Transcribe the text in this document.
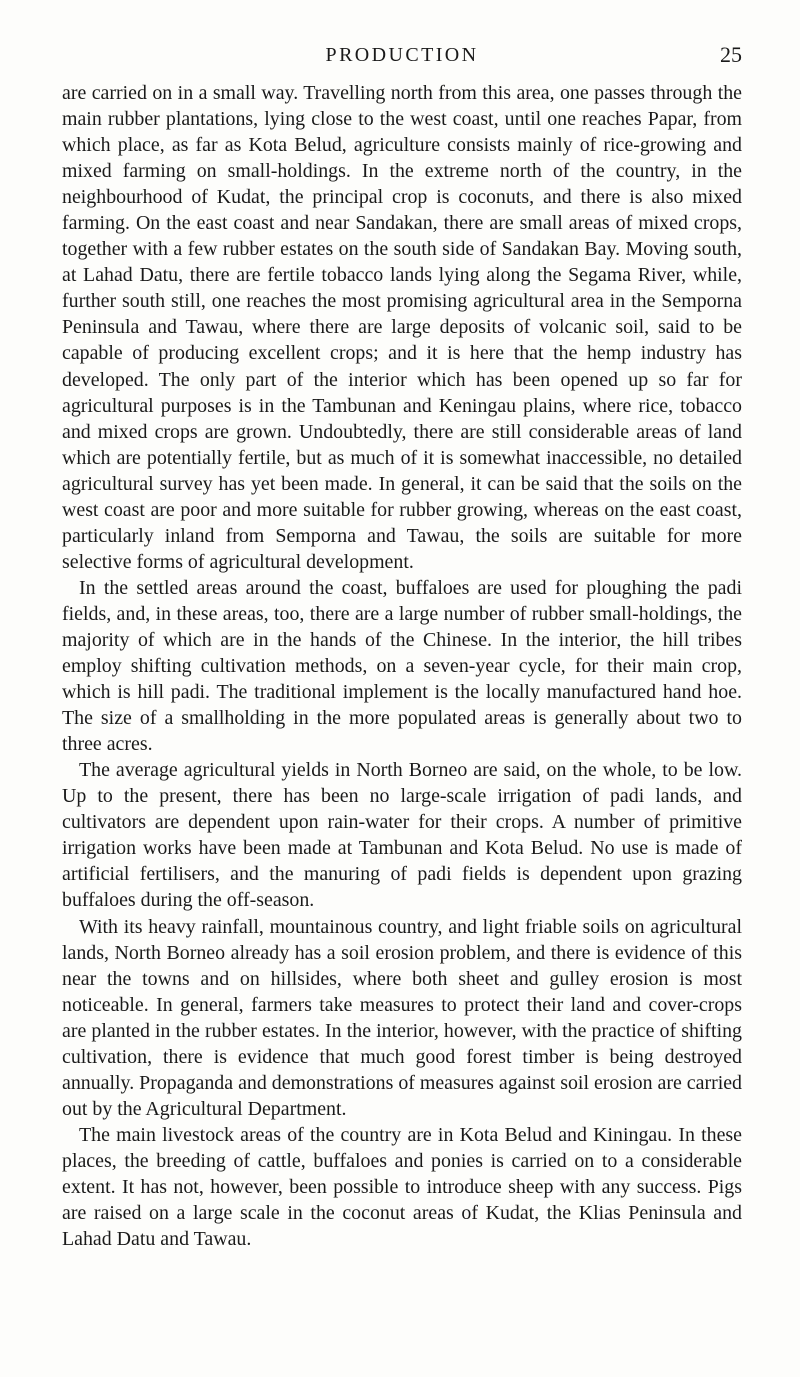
PRODUCTION	25

are carried on in a small way. Travelling north from this area, one passes through the main rubber plantations, lying close to the west coast, until one reaches Papar, from which place, as far as Kota Belud, agriculture consists mainly of rice-growing and mixed farming on small-holdings. In the extreme north of the country, in the neighbourhood of Kudat, the principal crop is coconuts, and there is also mixed farming. On the east coast and near Sandakan, there are small areas of mixed crops, together with a few rubber estates on the south side of Sandakan Bay. Moving south, at Lahad Datu, there are fertile tobacco lands lying along the Segama River, while, further south still, one reaches the most promising agricultural area in the Semporna Peninsula and Tawau, where there are large deposits of volcanic soil, said to be capable of producing excellent crops; and it is here that the hemp industry has developed. The only part of the interior which has been opened up so far for agricultural purposes is in the Tambunan and Keningau plains, where rice, tobacco and mixed crops are grown. Undoubtedly, there are still considerable areas of land which are potentially fertile, but as much of it is somewhat inaccessible, no detailed agricultural survey has yet been made. In general, it can be said that the soils on the west coast are poor and more suitable for rubber growing, whereas on the east coast, particularly inland from Semporna and Tawau, the soils are suitable for more selective forms of agricultural development.

In the settled areas around the coast, buffaloes are used for ploughing the padi fields, and, in these areas, too, there are a large number of rubber small-holdings, the majority of which are in the hands of the Chinese. In the interior, the hill tribes employ shifting cultivation methods, on a seven-year cycle, for their main crop, which is hill padi. The traditional implement is the locally manufactured hand hoe. The size of a smallholding in the more populated areas is generally about two to three acres.

The average agricultural yields in North Borneo are said, on the whole, to be low. Up to the present, there has been no large-scale irrigation of padi lands, and cultivators are dependent upon rain-water for their crops. A number of primitive irrigation works have been made at Tambunan and Kota Belud. No use is made of artificial fertilisers, and the manuring of padi fields is dependent upon grazing buffaloes during the off-season.

With its heavy rainfall, mountainous country, and light friable soils on agricultural lands, North Borneo already has a soil erosion problem, and there is evidence of this near the towns and on hillsides, where both sheet and gulley erosion is most noticeable. In general, farmers take measures to protect their land and cover-crops are planted in the rubber estates. In the interior, however, with the practice of shifting cultivation, there is evidence that much good forest timber is being destroyed annually. Propaganda and demonstrations of measures against soil erosion are carried out by the Agricultural Department.

The main livestock areas of the country are in Kota Belud and Kiningau. In these places, the breeding of cattle, buffaloes and ponies is carried on to a considerable extent. It has not, however, been possible to introduce sheep with any success. Pigs are raised on a large scale in the coconut areas of Kudat, the Klias Peninsula and Lahad Datu and Tawau.
